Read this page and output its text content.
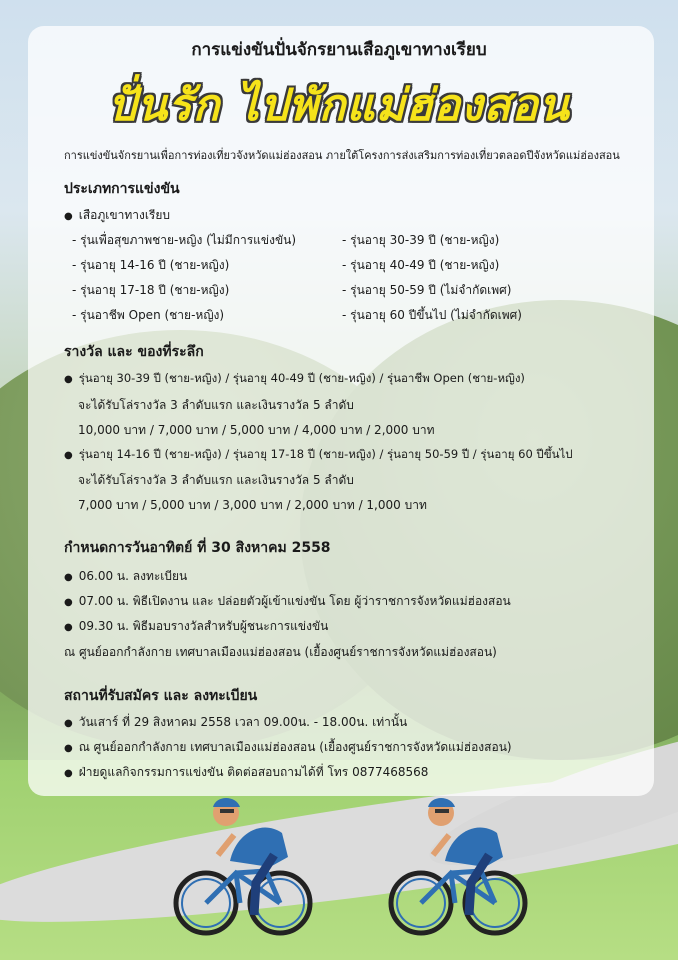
การแข่งขันปั่นจักรยานเสือภูเขาทางเรียบ
ปั่นรัก ไปพักแม่ฮ่องสอน
การแข่งขันจักรยานเพื่อการท่องเที่ยวจังหวัดแม่ฮ่องสอน ภายใต้โครงการส่งเสริมการท่องเที่ยวตลอดปีจังหวัดแม่ฮ่องสอน
ประเภทการแข่งขัน
● เสือภูเขาทางเรียบ
- รุ่นเพื่อสุขภาพชาย-หญิง (ไม่มีการแข่งขัน)
- รุ่นอายุ 14-16 ปี (ชาย-หญิง)
- รุ่นอายุ 17-18 ปี (ชาย-หญิง)
- รุ่นอาชีพ Open (ชาย-หญิง)
- รุ่นอายุ 30-39 ปี (ชาย-หญิง)
- รุ่นอายุ 40-49 ปี (ชาย-หญิง)
- รุ่นอายุ 50-59 ปี (ไม่จำกัดเพศ)
- รุ่นอายุ 60 ปีขึ้นไป (ไม่จำกัดเพศ)
รางวัล และ ของที่ระลึก
● รุ่นอายุ 30-39 ปี (ชาย-หญิง) / รุ่นอายุ 40-49 ปี (ชาย-หญิง) / รุ่นอาชีพ Open (ชาย-หญิง)
จะได้รับโล่รางวัล 3 ลำดับแรก และเงินรางวัล 5 ลำดับ
10,000 บาท / 7,000 บาท / 5,000 บาท / 4,000 บาท / 2,000 บาท
● รุ่นอายุ 14-16 ปี (ชาย-หญิง) / รุ่นอายุ 17-18 ปี (ชาย-หญิง) / รุ่นอายุ 50-59 ปี / รุ่นอายุ 60 ปีขึ้นไป
จะได้รับโล่รางวัล 3 ลำดับแรก และเงินรางวัล 5 ลำดับ
7,000 บาท / 5,000 บาท / 3,000 บาท / 2,000 บาท / 1,000 บาท
กำหนดการวันอาทิตย์ ที่ 30 สิงหาคม 2558
● 06.00 น. ลงทะเบียน
● 07.00 น. พิธีเปิดงาน และ ปล่อยตัวผู้เข้าแข่งขัน โดย ผู้ว่าราชการจังหวัดแม่ฮ่องสอน
● 09.30 น. พิธีมอบรางวัลสำหรับผู้ชนะการแข่งขัน
ณ ศูนย์ออกกำลังกาย เทศบาลเมืองแม่ฮ่องสอน (เยื้องศูนย์ราชการจังหวัดแม่ฮ่องสอน)
สถานที่รับสมัคร และ ลงทะเบียน
● วันเสาร์ ที่ 29 สิงหาคม 2558 เวลา 09.00น. - 18.00น. เท่านั้น
● ณ ศูนย์ออกกำลังกาย เทศบาลเมืองแม่ฮ่องสอน (เยื้องศูนย์ราชการจังหวัดแม่ฮ่องสอน)
● ฝ่ายดูแลกิจกรรมการแข่งขัน ติดต่อสอบถามได้ที่ โทร 0877468568
